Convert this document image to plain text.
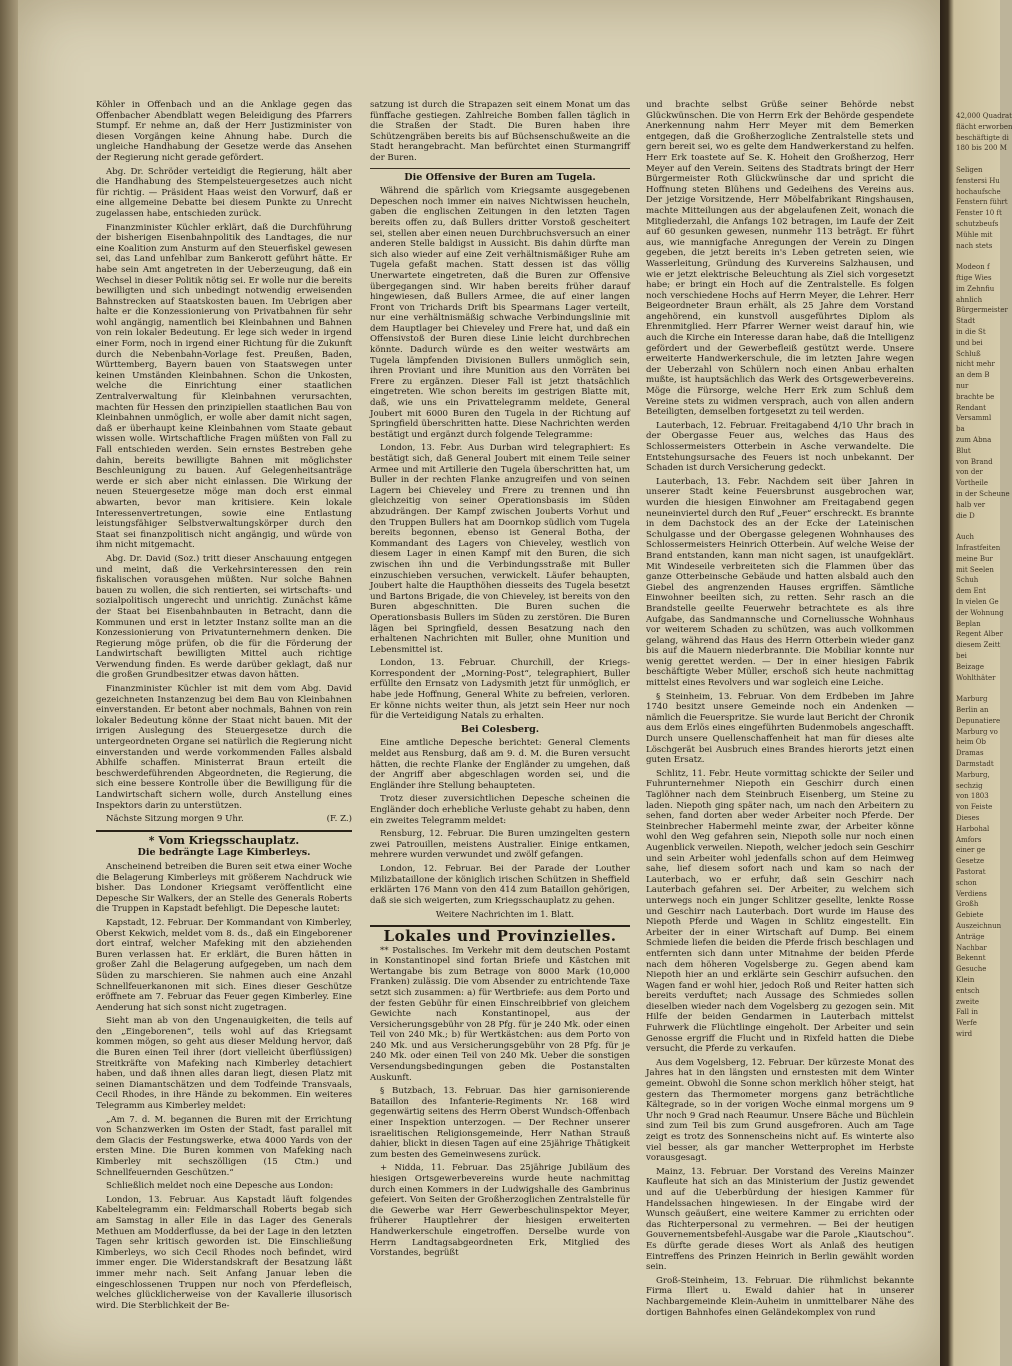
Köhler in Offenbach und an die Anklage gegen das Offenbacher Abendblatt wegen Beleidigung des Pfarrers Stumpf. Er nehme an, daß der Herr Justizminister von diesen Vorgängen keine Ahnung habe. Durch die ungleiche Handhabung der Gesetze werde das Ansehen der Regierung nicht gerade gefördert.

Abg. Dr. Schröder verteidigt die Regierung, hält aber die Handhabung des Stempelsteuergesetzes auch nicht für richtig. — Präsident Haas weist den Vorwurf, daß er eine allgemeine Debatte bei diesem Punkte zu Unrecht zugelassen habe, entschieden zurück.

Finanzminister Küchler erklärt, daß die Durchführung der bisherigen Eisenbahnpolitik des Landtages, die nur eine Koalition zum Ansturm auf den Steuerfiskel gewesen sei, das Land unfehlbar zum Bankerott geführt hätte. Er habe sein Amt angetreten in der Ueberzeugung, daß ein Wechsel in dieser Politik nötig sei. Er wolle nur die bereits bewilligten und sich unbedingt notwendig erweisenden Bahnstrecken auf Staatskosten bauen. Im Uebrigen aber halte er die Konzessionierung von Privatbahnen für sehr wohl angängig, namentlich bei Kleinbahnen und Bahnen von rein lokaler Bedeutung. Er lege sich weder in irgend einer Form, noch in irgend einer Richtung für die Zukunft durch die Nebenbahn-Vorlage fest. Preußen, Baden, Württemberg, Bayern bauen von Staatswegen unter keinen Umständen Kleinbahnen. Schon die Unkosten, welche die Einrichtung einer staatlichen Zentralverwaltung für Kleinbahnen verursachten, machten für Hessen den prinzipiellen staatlichen Bau von Kleinbahnen unmöglich, er wolle aber damit nicht sagen, daß er überhaupt keine Kleinbahnen vom Staate gebaut wissen wolle. Wirtschaftliche Fragen müßten von Fall zu Fall entschieden werden. Sein ernstes Bestreben gehe dahin, bereits bewilligte Bahnen mit möglichster Beschleunigung zu bauen. Auf Gelegenheitsanträge werde er sich aber nicht einlassen. Die Wirkung der neuen Steuergesetze möge man doch erst einmal abwarten, bevor man kritisiere. Kein lokale Interessenvertretungen, sowie eine Entlastung leistungsfähiger Selbstverwaltungskörper durch den Staat sei finanzpolitisch nicht angängig, und würde von ihm nicht mitgemacht.

Abg. Dr. David (Soz.) tritt dieser Anschauung entgegen und meint, daß die Verkehrsinteressen den rein fiskalischen vorausgehen müßten. Nur solche Bahnen bauen zu wollen, die sich rentierten, sei wirtschafts- und sozialpolitisch ungerecht und unrichtig. Zunächst käme der Staat bei Eisenbahnbauten in Betracht, dann die Kommunen und erst in letzter Instanz sollte man an die Konzessionierung von Privatunternehmern denken. Die Regierung möge prüfen, ob die für die Förderung der Landwirtschaft bewilligten Mittel auch richtige Verwendung finden. Es werde darüber geklagt, daß nur die großen Grundbesitzer etwas davon hätten.

Finanzminister Küchler ist mit dem vom Abg. David gezeichneten Instanzenzug bei dem Bau von Kleinbahnen einverstanden. Er betont aber nochmals, Bahnen von rein lokaler Bedeutung könne der Staat nicht bauen. Mit der irrigen Auslegung des Steuergesetze durch die untergeordneten Organe sei natürlich die Regierung nicht einverstanden und werde vorkommenden Falles alsbald Abhilfe schaffen. Ministerrat Braun erteilt die beschwerdeführenden Abgeordneten, die Regierung, die sich eine bessere Kontrolle über die Bewilligung für die Landwirtschaft sichern wolle, durch Anstellung eines Inspektors darin zu unterstützen.

Nächste Sitzung morgen 9 Uhr.	(F. Z.)

* Vom Kriegsschauplatz.
Die bedrängte Lage Kimberleys.

Anscheinend betreiben die Buren seit etwa einer Woche die Belagerung Kimberleys mit größerem Nachdruck wie bisher. Das Londoner Kriegsamt veröffentlicht eine Depesche Sir Walkers, der an Stelle des Generals Roberts die Truppen in Kapstadt befehligt. Die Depesche lautet:

Kapstadt, 12. Februar. Der Kommandant von Kimberley, Oberst Kekwich, meldet vom 8. ds., daß ein Eingeborener dort eintraf, welcher Mafeking mit den abziehenden Buren verlassen hat. Er erklärt, die Buren hätten in großer Zahl die Belagerung aufgegeben, um nach dem Süden zu marschieren. Sie nahmen auch eine Anzahl Schnellfeuerkanonen mit sich. Eines dieser Geschütze eröffnete am 7. Februar das Feuer gegen Kimberley. Eine Aenderung hat sich sonst nicht zugetragen.

Sieht man ab von den Ungenauigkeiten, die teils auf den „Eingeborenen“, teils wohl auf das Kriegsamt kommen mögen, so geht aus dieser Meldung hervor, daß die Buren einen Teil ihrer (dort vielleicht überflüssigen) Streitkräfte von Mafeking nach Kimberley detachiert haben, und daß ihnen alles daran liegt, diesen Platz mit seinen Diamantschätzen und dem Todfeinde Transvaals, Cecil Rhodes, in ihre Hände zu bekommen. Ein weiteres Telegramm aus Kimberley meldet:

„Am 7. d. M. begannen die Buren mit der Errichtung von Schanzwerken im Osten der Stadt, fast parallel mit dem Glacis der Festungswerke, etwa 4000 Yards von der ersten Mine. Die Buren kommen von Mafeking nach Kimberley mit sechszölligen (15 Ctm.) und Schnellfeuernden Geschützen.“

Schließlich meldet noch eine Depesche aus London:

London, 13. Februar. Aus Kapstadt läuft folgendes Kabeltelegramm ein: Feldmarschall Roberts begab sich am Samstag in aller Eile in das Lager des Generals Methuen am Modderflusse, da bei der Lage in den letzten Tagen sehr kritisch geworden ist. Die Einschließung Kimberleys, wo sich Cecil Rhodes noch befindet, wird immer enger. Die Widerstandskraft der Besatzung läßt immer mehr nach. Seit Anfang Januar leben die eingeschlossenen Truppen nur noch von Pferdefleisch, welches glücklicherweise von der Kavallerie illusorisch wird. Die Sterblichkeit der Be-

satzung ist durch die Strapazen seit einem Monat um das fünffache gestiegen. Zahlreiche Bomben fallen täglich in die Straßen der Stadt. Die Buren haben ihre Schützengräben bereits bis auf Büchsenschußweite an die Stadt herangebracht. Man befürchtet einen Sturmangriff der Buren.

Die Offensive der Buren am Tugela.

Während die spärlich vom Kriegsamte ausgegebenen Depeschen noch immer ein naives Nichtwissen heucheln, gaben die englischen Zeitungen in den letzten Tagen bereits offen zu, daß Bullers dritter Vorstoß gescheitert sei, stellen aber einen neuen Durchbruchsversuch an einer anderen Stelle baldigst in Aussicht. Bis dahin dürfte man sich also wieder auf eine Zeit verhältnismäßiger Ruhe am Tugela gefaßt machen. Statt dessen ist das völlig Unerwartete eingetreten, daß die Buren zur Offensive übergegangen sind. Wir haben bereits früher darauf hingewiesen, daß Bullers Armee, die auf einer langen Front von Trichards Drift bis Spearmans Lager verteilt, nur eine verhältnismäßig schwache Verbindungslinie mit dem Hauptlager bei Chieveley und Frere hat, und daß ein Offensivstoß der Buren diese Linie leicht durchbrechen könnte. Dadurch würde es den weiter westwärts am Tugela lämpfenden Divisionen Bullers unmöglich sein, ihren Proviant und ihre Munition aus den Vorräten bei Frere zu ergänzen. Dieser Fall ist jetzt thatsächlich eingetreten. Wie schon bereits im gestrigen Blatte mit, daß, wie uns ein Privattelegramm meldete, General Joubert mit 6000 Buren den Tugela in der Richtung auf Springfield überschritten hatte. Diese Nachrichten werden bestätigt und ergänzt durch folgende Telegramme:

London, 13. Febr. Aus Durban wird telegraphiert: Es bestätigt sich, daß General Joubert mit einem Teile seiner Armee und mit Artillerie den Tugela überschritten hat, um Buller in der rechten Flanke anzugreifen und von seinen Lagern bei Chieveley und Frere zu trennen und ihn gleichzeitig von seiner Operationsbasis im Süden abzudrängen. Der Kampf zwischen Jouberts Vorhut und den Truppen Bullers hat am Doornkop südlich vom Tugela bereits begonnen, ebenso ist General Botha, der Kommandant des Lagers von Chieveley, westlich von diesem Lager in einen Kampf mit den Buren, die sich zwischen ihn und die Verbindungsstraße mit Buller einzuschieben versuchen, verwickelt. Läufer behaupten, Joubert halte die Haupthöhen diesseits des Tugela besetzt und Bartons Brigade, die von Chieveley, ist bereits von den Buren abgeschnitten. Die Buren suchen die Operationsbasis Bullers im Süden zu zerstören. Die Buren lägen bei Springfield, dessen Besatzung nach den erhaltenen Nachrichten mit Buller, ohne Munition und Lebensmittel ist.

London, 13. Februar. Churchill, der Kriegs-Korrespondent der „Morning-Post“, telegraphiert, Buller erfüllte den Ernsatz von Ladysmith jetzt für unmöglich, er habe jede Hoffnung, General White zu befreien, verloren. Er könne nichts weiter thun, als jetzt sein Heer nur noch für die Verteidigung Natals zu erhalten.

Bei Colesberg.

Eine amtliche Depesche berichtet: General Clements meldet aus Rensburg, daß am 9. d. M. die Buren versucht hätten, die rechte Flanke der Engländer zu umgehen, daß der Angriff aber abgeschlagen worden sei, und die Engländer ihre Stellung behaupteten.

Trotz dieser zuversichtlichen Depesche scheinen die Engländer doch erhebliche Verluste gehabt zu haben, denn ein zweites Telegramm meldet:

Rensburg, 12. Februar. Die Buren umzingelten gestern zwei Patrouillen, meistens Australier. Einige entkamen, mehrere wurden verwundet und zwölf gefangen.

London, 12. Februar. Bei der Parade der Louther Milizbataillone der königlich irischen Schützen in Sheffield erklärten 176 Mann von den 414 zum Bataillon gehörigen, daß sie sich weigerten, zum Kriegsschauplatz zu gehen.

Weitere Nachrichten im 1. Blatt.

Lokales und Provinzielles.

** Postalisches. Im Verkehr mit dem deutschen Postamt in Konstantinopel sind fortan Briefe und Kästchen mit Wertangabe bis zum Betrage von 8000 Mark (10,000 Franken) zulässig. Die vom Absender zu entrichtende Taxe setzt sich zusammen: a) für Wertbriefe: aus dem Porto und der festen Gebühr für einen Einschreibbrief von gleichem Gewichte nach Konstantinopel, aus der Versicherungsgebühr von 28 Pfg. für je 240 Mk. oder einen Teil von 240 Mk.; b) für Wertkästchen: aus dem Porto von 240 Mk. und aus Versicherungsgebühr von 28 Pfg. für je 240 Mk. oder einen Teil von 240 Mk. Ueber die sonstigen Versendungsbedingungen geben die Postanstalten Auskunft.

§ Butzbach, 13. Februar. Das hier garnisonierende Bataillon des Infanterie-Regiments Nr. 168 wird gegenwärtig seitens des Herrn Oberst Wundsch-Offenbach einer Inspektion unterzogen. — Der Rechner unserer israelitischen Religionsgemeinde, Herr Nathan Strauß dahier, blickt in diesen Tagen auf eine 25jährige Thätigkeit zum besten des Gemeinwesens zurück.

+ Nidda, 11. Februar. Das 25jährige Jubiläum des hiesigen Ortsgewerbevereins wurde heute nachmittag durch einen Kommers in der Ludwigshalle des Gambrinus gefeiert. Von Seiten der Großherzoglichen Zentralstelle für die Gewerbe war Herr Gewerbeschulinspektor Meyer, früherer Hauptlehrer der hiesigen erweiterten Handwerkerschule eingetroffen. Derselbe wurde von Herrn Landtagsabgeordneten Erk, Mitglied des Vorstandes, begrüßt

und brachte selbst Grüße seiner Behörde nebst Glückwünschen. Die von Herrn Erk der Behörde gespendete Anerkennung nahm Herr Meyer mit dem Bemerken entgegen, daß die Großherzogliche Zentralstelle stets und gern bereit sei, wo es gelte dem Handwerkerstand zu helfen. Herr Erk toastete auf Se. K. Hoheit den Großherzog, Herr Meyer auf den Verein. Seitens des Stadtrats bringt der Herr Bürgermeister Roth Glückwünsche dar und spricht die Hoffnung steten Blühens und Gedeihens des Vereins aus. Der jetzige Vorsitzende, Herr Möbelfabrikant Ringshausen, machte Mitteilungen aus der abgelaufenen Zeit, wonach die Mitgliederzahl, die Anfangs 102 betragen, im Laufe der Zeit auf 60 gesunken gewesen, nunmehr 113 beträgt. Er führt aus, wie mannigfache Anregungen der Verein zu Dingen gegeben, die jetzt bereits in's Leben getreten seien, wie Wasserleitung, Gründung des Kurvereins Salzhausen, und wie er jetzt elektrische Beleuchtung als Ziel sich vorgesetzt habe; er bringt ein Hoch auf die Zentralstelle. Es folgen noch verschiedene Hochs auf Herrn Meyer, die Lehrer. Herr Beigeordneter Braun erhält, als 25 Jahre dem Vorstand angehörend, ein kunstvoll ausgeführtes Diplom als Ehrenmitglied. Herr Pfarrer Werner weist darauf hin, wie auch die Kirche ein Interesse daran habe, daß die Intelligenz gefördert und der Gewerbefleiß gestützt werde. Unsere erweiterte Handwerkerschule, die im letzten Jahre wegen der Ueberzahl von Schülern noch einen Anbau erhalten mußte, ist hauptsächlich das Werk des Ortsgewerbevereins. Möge die Fürsorge, welche Herr Erk zum Schluß dem Vereine stets zu widmen versprach, auch von allen andern Beteiligten, demselben fortgesetzt zu teil werden.

Lauterbach, 12. Februar. Freitagabend 4/10 Uhr brach in der Obergasse Feuer aus, welches das Haus des Schlossermeisters Otterbein in Asche verwandelte. Die Entstehungsursache des Feuers ist noch unbekannt. Der Schaden ist durch Versicherung gedeckt.

Lauterbach, 13. Febr. Nachdem seit über Jahren in unserer Stadt keine Feuersbrunst ausgebrochen war, wurden die hiesigen Einwohner am Freitagabend gegen neuneinviertel durch den Ruf „Feuer“ erschreckt. Es brannte in dem Dachstock des an der Ecke der Lateinischen Schulgasse und der Obergasse gelegenen Wohnhauses des Schlossermeisters Heinrich Otterbein. Auf welche Weise der Brand entstanden, kann man nicht sagen, ist unaufgeklärt. Mit Windeseile verbreiteten sich die Flammen über das ganze Otterbeinsche Gebäude und hatten alsbald auch den Giebel des angrenzenden Hauses ergriffen. Sämtliche Einwohner beeilten sich, zu retten. Sehr rasch an die Brandstelle geeilte Feuerwehr betrachtete es als ihre Aufgabe, das Sandmannsche und Corneliussche Wohnhaus vor weiterem Schaden zu schützen, was auch vollkommen gelang, während das Haus des Herrn Otterbein wieder ganz bis auf die Mauern niederbrannte. Die Mobiliar konnte nur wenig gerettet werden. — Der in einer hiesigen Fabrik beschäftigte Weber Müller, erschoß sich heute nachmittag mittelst eines Revolvers und war sogleich eine Leiche.

§ Steinheim, 13. Februar. Von dem Erdbeben im Jahre 1740 besitzt unsere Gemeinde noch ein Andenken — nämlich die Feuerspritze. Sie wurde laut Bericht der Chronik aus dem Erlös eines eingeführten Budenmobels angeschafft. Durch unsere Quellenschaffenheit hat man für dieses alte Löschgerät bei Ausbruch eines Brandes hierorts jetzt einen guten Ersatz.

Schlitz, 11. Febr. Heute vormittag schickte der Seiler und Fuhrunternehmer Niepoth ein Geschirr durch einen Taglöhner nach dem Steinbruch Eisenberg, um Steine zu laden. Niepoth ging später nach, um nach den Arbeitern zu sehen, fand dorten aber weder Arbeiter noch Pferde. Der Steinbrecher Habermehl meinte zwar, der Arbeiter könne wohl den Weg gefahren sein, Niepoth solle nur noch einen Augenblick verweilen. Niepoth, welcher jedoch sein Geschirr und sein Arbeiter wohl jedenfalls schon auf dem Heimweg sahe, lief diesem sofort nach und kam so nach der Lauterbach, wo er erfuhr, daß sein Geschirr nach Lauterbach gefahren sei. Der Arbeiter, zu welchem sich unterwegs noch ein junger Schlitzer gesellte, lenkte Rosse und Geschirr nach Lauterbach. Dort wurde im Hause des Niepoth Pferde und Wagen in Schlitz eingestellt. Ein Arbeiter der in einer Wirtschaft auf Dump. Bei einem Schmiede liefen die beiden die Pferde frisch beschlagen und entfernten sich dann unter Mitnahme der beiden Pferde nach dem höheren Vogelsberge zu. Gegen abend kam Niepoth hier an und erklärte sein Geschirr aufsuchen. den Wagen fand er wohl hier, jedoch Roß und Reiter hatten sich bereits verduftet; nach Aussage des Schmiedes sollen dieselben wieder nach dem Vogelsberg zu gezogen sein. Mit Hilfe der beiden Gendarmen in Lauterbach mittelst Fuhrwerk die Flüchtlinge eingeholt. Der Arbeiter und sein Genosse ergriff die Flucht und in Rixfeld hatten die Diebe versucht, die Pferde zu verkaufen.

Aus dem Vogelsberg, 12. Februar. Der kürzeste Monat des Jahres hat in den längsten und ernstesten mit dem Winter gemeint. Obwohl die Sonne schon merklich höher steigt, hat gestern das Thermometer morgens ganz beträchtliche Kältegrade, so in der vorigen Woche einmal morgens um 9 Uhr noch 9 Grad nach Reaumur. Unsere Bäche und Büchlein sind zum Teil bis zum Grund ausgefroren. Auch am Tage zeigt es trotz des Sonnenscheins nicht auf. Es winterte also viel besser, als gar mancher Wetterprophet im Herbste vorausgesagt.

Mainz, 13. Februar. Der Vorstand des Vereins Mainzer Kaufleute hat sich an das Ministerium der Justiz gewendet und auf die Ueberbürdung der hiesigen Kammer für Handelssachen hingewiesen. In der Eingabe wird der Wunsch geäußert, eine weitere Kammer zu errichten oder das Richterpersonal zu vermehren. — Bei der heutigen Gouvernementsbefehl-Ausgabe war die Parole „Kiautschou“. Es dürfte gerade dieses Wort als Anlaß des heutigen Eintreffens des Prinzen Heinrich in Berlin gewählt worden sein.

Groß-Steinheim, 13. Februar. Die rühmlichst bekannte Firma Illert u. Ewald dahier hat in unserer Nachbargemeinde Klein-Auheim in unmittelbarer Nähe des dortigen Bahnhofes einen Geländekomplex von rund

42,000 Quadrat
flächt erworben
beschäftigte di
180 bis 200 M
Seligen
fenstersi Hu
hochaufsche
Fenstern führt
Fenster 10 ft
schutzbeufs
Mühle mit
nach stets
Modeon f
ftige Wies
im Zehnfiu
ahnlich
Bürgermeister
Stadt
in die St
und bei
Schluß
nicht mehr
an dem B
nur
brachte be
Rendant
Versamml
ba
zum Abna
Blut
von Brand
von der
Vortheile
in der Scheune
halb ver
die D
Auch
Infrastfeiten
meine Bur
mit Seelen
Schuh
dem Ent
In vielen Ge
der Wohnung
Beplan
Regent Alber
diesem Zeitt
bei
Beizage
Wohlthäter
Marburg
Berlin an
Depunatiere
Marburg vo
heim Ob
Dramas
Darmstadt
Marburg,
sechzig
von 1803
von Feiste
Dieses
Harbohal
Amfors
einer ge
Gesetze
Pastorat
schon
Verdiens
Großh
Gebiete
Auszeichnun
Anträge
Nachbar
Bekennt
Gesuche
Klein
entsch
zweite
Fall in
Werfe
wird
